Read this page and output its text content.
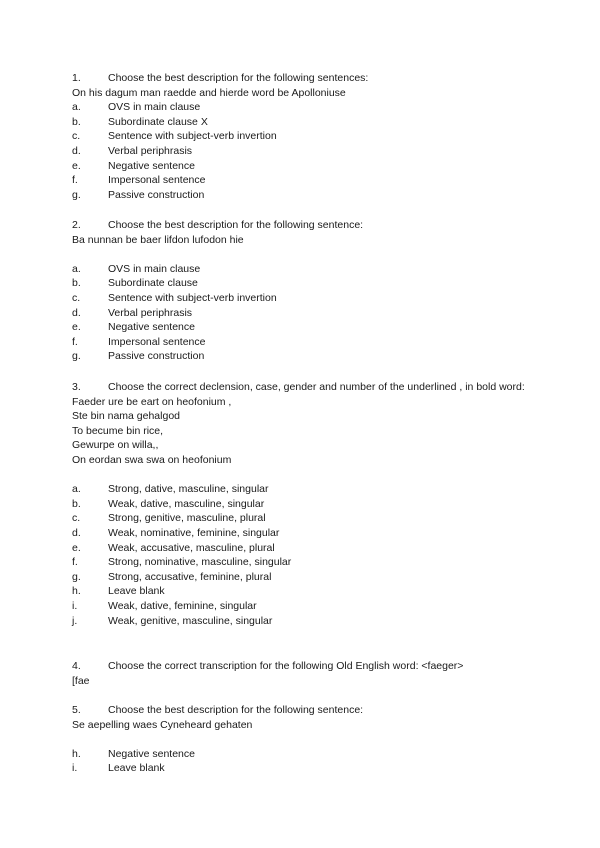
1.	Choose the best description for the following sentences:
On his dagum man raedde and hierde word be Apolloniuse
a.	OVS in main clause
b.	Subordinate clause X
c.	Sentence with subject-verb invertion
d.	Verbal periphrasis
e.	Negative sentence
f.	Impersonal sentence
g.	Passive construction
2.	Choose the best description for the following sentence:
Ba nunnan be baer lifdon lufodon hie
a.	OVS in main clause
b.	Subordinate clause
c.	Sentence with subject-verb invertion
d.	Verbal periphrasis
e.	Negative sentence
f.	Impersonal sentence
g.	Passive construction
3.	Choose the correct declension, case, gender and number of the underlined , in bold word:
Faeder ure be eart on heofonium ,
Ste bin nama gehalgod
To becume bin rice,
Gewurpe on willa,,
On eordan swa swa on heofonium
a.	Strong, dative, masculine, singular
b.	Weak, dative, masculine, singular
c.	Strong, genitive, masculine, plural
d.	Weak, nominative, feminine, singular
e.	Weak, accusative, masculine, plural
f.	Strong, nominative, masculine, singular
g.	Strong, accusative, feminine, plural
h.	Leave blank
i.	Weak, dative, feminine, singular
j.	Weak, genitive, masculine, singular
4.	Choose the correct transcription for the following Old English word: <faeger>
[fae
5.	Choose the best description for the following sentence:
Se aepelling waes Cyneheard gehaten
h.	Negative sentence
i.	Leave blank
